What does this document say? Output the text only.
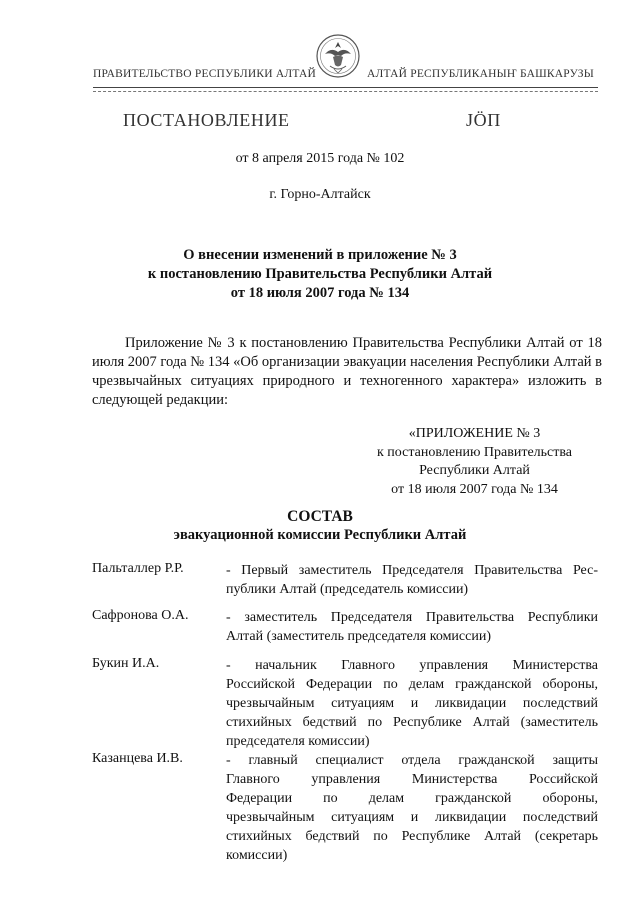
ПРАВИТЕЛЬСТВО РЕСПУБЛИКИ АЛТАЙ	АЛТАЙ РЕСПУБЛИКАНЫҤ БАШКАРУЗЫ
ПОСТАНОВЛЕНИЕ	JÖП
от 8 апреля 2015 года № 102
г. Горно-Алтайск
О внесении изменений в приложение № 3
к постановлению Правительства Республики Алтай
от 18 июля 2007 года № 134
Приложение № 3 к постановлению Правительства Республики Алтай от 18 июля 2007 года № 134 «Об организации эвакуации населения Республики Алтай в чрезвычайных ситуациях природного и техногенного характера» изложить в следующей редакции:
«ПРИЛОЖЕНИЕ № 3
к постановлению Правительства
Республики Алтай
от 18 июля 2007 года № 134
СОСТАВ
эвакуационной комиссии Республики Алтай
Пальталлер Р.Р.	- Первый заместитель Председателя Правительства Рес-
публики Алтай (председатель комиссии)
Сафронова О.А.	- заместитель Председателя Правительства Республики
Алтай (заместитель председателя комиссии)
Букин И.А.	- начальник Главного управления Министерства
Российской Федерации по делам гражданской обороны,
чрезвычайным ситуациям и ликвидации последствий
стихийных бедствий по Республике Алтай (заместитель
председателя комиссии)
Казанцева И.В.	- главный специалист отдела гражданской защиты
Главного управления Министерства Российской
Федерации по делам гражданской обороны,
чрезвычайным ситуациям и ликвидации последствий
стихийных бедствий по Республике Алтай (секретарь
комиссии)
